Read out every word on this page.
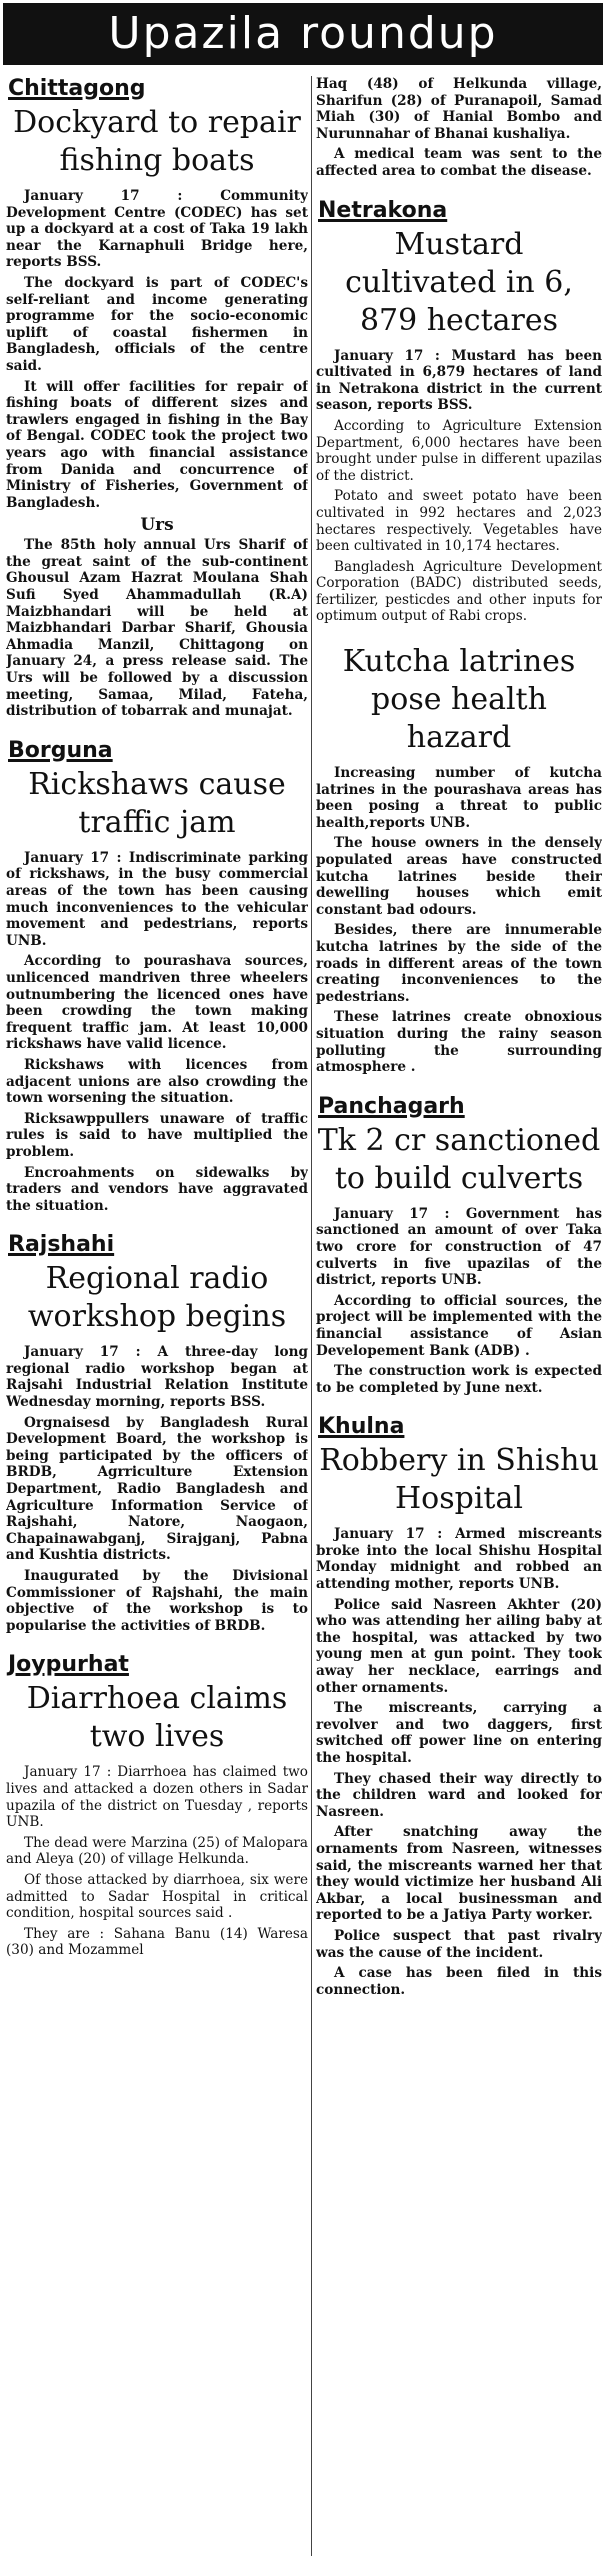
Upazila roundup
Chittagong
Dockyard to repair fishing boats

January 17 : Community Development Centre (CODEC) has set up a dockyard at a cost of Taka 19 lakh near the Karnaphuli Bridge here, reports BSS.

The dockyard is part of CODEC's self-reliant and income generating programme for the socio-economic uplift of coastal fishermen in Bangladesh, officials of the centre said.

It will offer facilities for repair of fishing boats of different sizes and trawlers engaged in fishing in the Bay of Bengal. CODEC took the project two years ago with financial assistance from Danida and concurrence of Ministry of Fisheries, Government of Bangladesh.

Urs

The 85th holy annual Urs Sharif of the great saint of the sub-continent Ghousul Azam Hazrat Moulana Shah Sufi Syed Ahammadullah (R.A) Maizbhandari will be held at Maizbhandari Darbar Sharif, Ghousia Ahmadia Manzil, Chittagong on January 24, a press release said. The Urs will be followed by a discussion meeting, Samaa, Milad, Fateha, distribution of tobarrak and munajat.

Borguna
Rickshaws cause traffic jam

January 17 : Indiscriminate parking of rickshaws, in the busy commercial areas of the town has been causing much inconveniences to the vehicular movement and pedestrians, reports UNB.

According to pourashava sources, unlicenced mandriven three wheelers outnumbering the licenced ones have been crowding the town making frequent traffic jam. At least 10,000 rickshaws have valid licence.

Rickshaws with licences from adjacent unions are also crowding the town worsening the situation.

Ricksawppullers unaware of traffic rules is said to have multiplied the problem.

Encroahments on sidewalks by traders and vendors have aggravated the situation.

Rajshahi
Regional radio workshop begins

January 17 : A three-day long regional radio workshop began at Rajsahi Industrial Relation Institute Wednesday morning, reports BSS.

Orgnaisesd by Bangladesh Rural Development Board, the workshop is being participated by the officers of BRDB, Agrriculture Extension Department, Radio Bangladesh and Agriculture Information Service of Rajshahi, Natore, Naogaon, Chapainawabganj, Sirajganj, Pabna and Kushtia districts.

Inaugurated by the Divisional Commissioner of Rajshahi, the main objective of the workshop is to popularise the activities of BRDB.

Joypurhat
Diarrhoea claims two lives

January 17 : Diarrhoea has claimed two lives and attacked a dozen others in Sadar upazila of the district on Tuesday , reports UNB.

The dead were Marzina (25) of Malopara and Aleya (20) of village Helkunda.

Of those attacked by diarrhoea, six were admitted to Sadar Hospital in critical condition, hospital sources said .

They are : Sahana Banu (14) Waresa (30) and Mozammel

Haq (48) of Helkunda village, Sharifun (28) of Puranapoil, Samad Miah (30) of Hanial Bombo and Nurunnahar of Bhanai kushaliya.

A medical team was sent to the affected area to combat the disease.

Netrakona
Mustard cultivated in 6, 879 hectares

January 17 : Mustard has been cultivated in 6,879 hectares of land in Netrakona district in the current season, reports BSS.

According to Agriculture Extension Department, 6,000 hectares have been brought under pulse in different upazilas of the district.

Potato and sweet potato have been cultivated in 992 hectares and 2,023 hectares respectively. Vegetables have been cultivated in 10,174 hectares.

Bangladesh Agriculture Development Corporation (BADC) distributed seeds, fertilizer, pesticdes and other inputs for optimum output of Rabi crops.

Kutcha latrines pose health hazard

Increasing number of kutcha latrines in the pourashava areas has been posing a threat to public health,reports UNB.

The house owners in the densely populated areas have constructed kutcha latrines beside their dewelling houses which emit constant bad odours.

Besides, there are innumerable kutcha latrines by the side of the roads in different areas of the town creating inconveniences to the pedestrians.

These latrines create obnoxious situation during the rainy season polluting the surrounding atmosphere .

Panchagarh
Tk 2 cr sanctioned to build culverts

January 17 : Government has sanctioned an amount of over Taka two crore for construction of 47 culverts in five upazilas of the district, reports UNB.

According to official sources, the project will be implemented with the financial assistance of Asian Developement Bank (ADB) .

The construction work is expected to be completed by June next.

Khulna
Robbery in Shishu Hospital

January 17 : Armed miscreants broke into the local Shishu Hospital Monday midnight and robbed an attending mother, reports UNB.

Police said Nasreen Akhter (20) who was attending her ailing baby at the hospital, was attacked by two young men at gun point. They took away her necklace, earrings and other ornaments.

The miscreants, carrying a revolver and two daggers, first switched off power line on entering the hospital.

They chased their way directly to the children ward and looked for Nasreen.

After snatching away the ornaments from Nasreen, witnesses said, the miscreants warned her that they would victimize her husband Ali Akbar, a local businessman and reported to be a Jatiya Party worker.

Police suspect that past rivalry was the cause of the incident.

A case has been filed in this connection.
